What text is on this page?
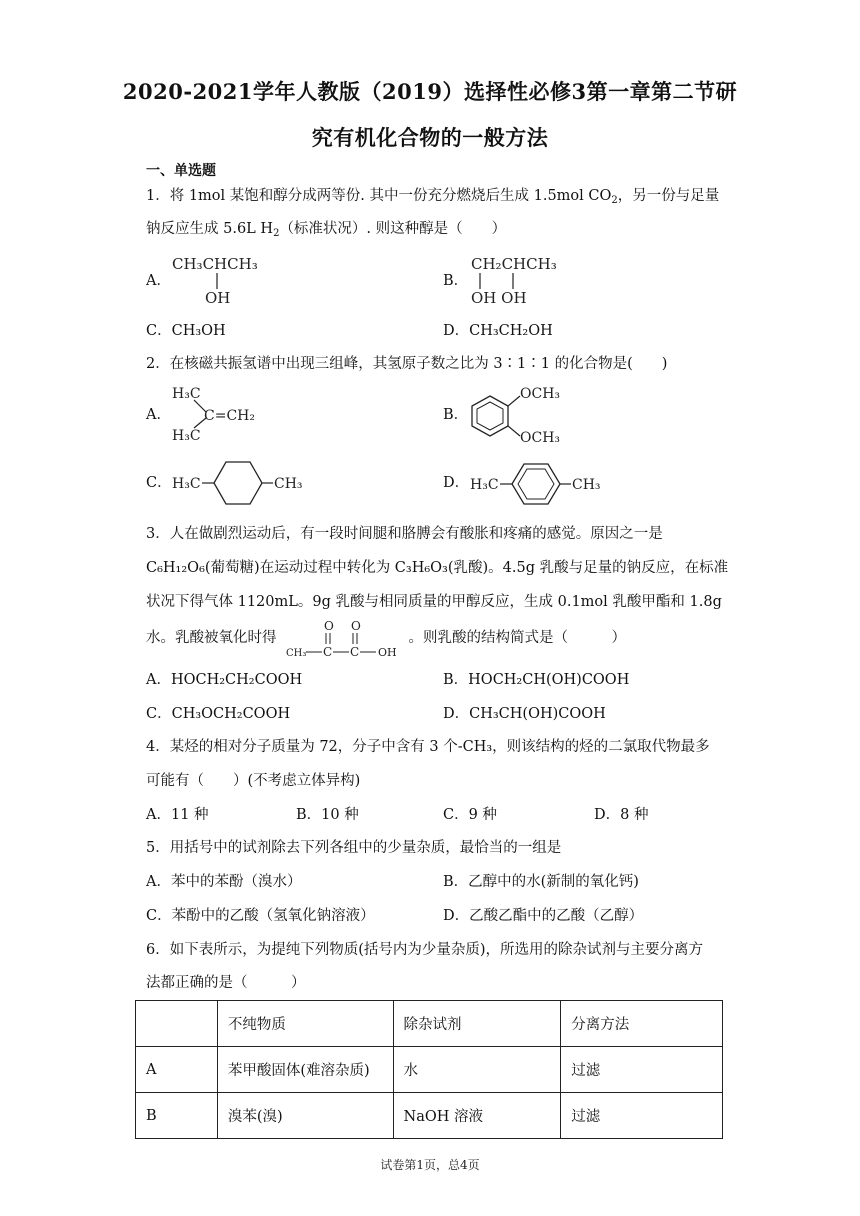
2020-2021学年人教版（2019）选择性必修3第一章第二节研
究有机化合物的一般方法
一、单选题
1．将 1mol 某饱和醇分成两等份. 其中一份充分燃烧后生成 1.5mol $CO_2$，另一份与足量
钠反应生成 5.6L $H_2$（标准状况）. 则这种醇是（　　）
A．
CH₃CHCH₃
OH
B．
CH₂CHCH₃
OH OH
C．CH₃OH	D．CH₃CH₂OH
2．在核磁共振氢谱中出现三组峰，其氢原子数之比为 3∶1∶1 的化合物是(　　)
A．
H₃C
H₃C
C=CH₂	B．
OCH₃
OCH₃
C． H₃C	CH₃	D． H₃C	CH₃
3．人在做剧烈运动后，有一段时间腿和胳膊会有酸胀和疼痛的感觉。原因之一是
C₆H₁₂O₆(葡萄糖)在运动过程中转化为 C₃H₆O₃(乳酸)。4.5g 乳酸与足量的钠反应，在标准
状况下得气体 1120mL。9g 乳酸与相同质量的甲醇反应，生成 0.1mol 乳酸甲酯和 1.8g
水。乳酸被氧化时得	。则乳酸的结构简式是（　　　）
O O
CH₃ C C OH
A．HOCH₂CH₂COOH	B．HOCH₂CH(OH)COOH
C．CH₃OCH₂COOH	D．CH₃CH(OH)COOH
4．某烃的相对分子质量为 72，分子中含有 3 个-CH₃，则该结构的烃的二氯取代物最多
可能有（　　）(不考虑立体异构)
A．11 种	B．10 种	C．9 种	D．8 种
5．用括号中的试剂除去下列各组中的少量杂质，最恰当的一组是
A．苯中的苯酚（溴水）	B．乙醇中的水(新制的氧化钙)
C．苯酚中的乙酸（氢氧化钠溶液）	D．乙酸乙酯中的乙酸（乙醇）
6．如下表所示，为提纯下列物质(括号内为少量杂质)，所选用的除杂试剂与主要分离方
法都正确的是（　　　）
	不纯物质	除杂试剂	分离方法
A	苯甲酸固体(难溶杂质)	水	过滤
B	溴苯(溴)	NaOH 溶液	过滤
试卷第1页，总4页
